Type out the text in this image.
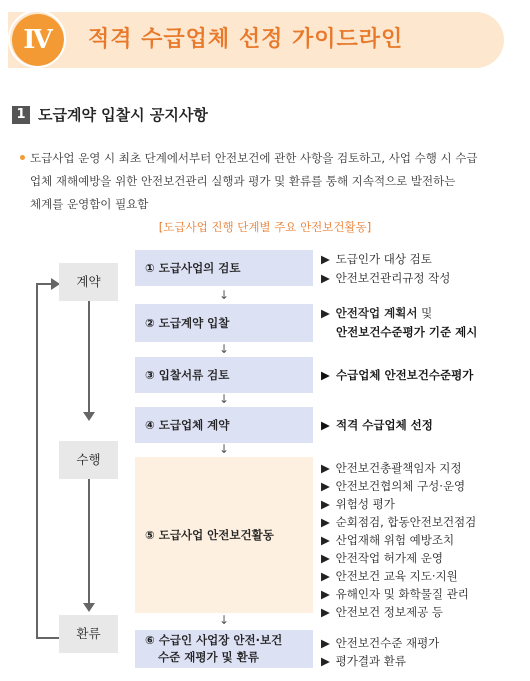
Ⅳ	적격 수급업체 선정 가이드라인
1 도급계약 입찰시 공지사항
도급사업 운영 시 최초 단계에서부터 안전보건에 관한 사항을 검토하고, 사업 수행 시 수급
업체 재해예방을 위한 안전보건관리 실행과 평가 및 환류를 통해 지속적으로 발전하는
체계를 운영함이 필요함
[도급사업 진행 단계별 주요 안전보건활동]
계약
수행
환류
① 도급사업의 검토
↓
② 도급계약 입찰
↓
③ 입찰서류 검토
↓
④ 도급업체 계약
↓
⑤ 도급사업 안전보건활동
↓
⑥ 수급인 사업장 안전·보건
수준 재평가 및 환류
▶ 도급인가 대상 검토
▶ 안전보건관리규정 작성
▶ 안전작업 계획서 및
안전보건수준평가 기준 제시
▶ 수급업체 안전보건수준평가
▶ 적격 수급업체 선정
▶ 안전보건총괄책임자 지정
▶ 안전보건협의체 구성·운영
▶ 위험성 평가
▶ 순회점검, 합동안전보건점검
▶ 산업재해 위험 예방조치
▶ 안전작업 허가제 운영
▶ 안전보건 교육 지도·지원
▶ 유해인자 및 화학물질 관리
▶ 안전보건 정보제공 등
▶ 안전보건수준 재평가
▶ 평가결과 환류
